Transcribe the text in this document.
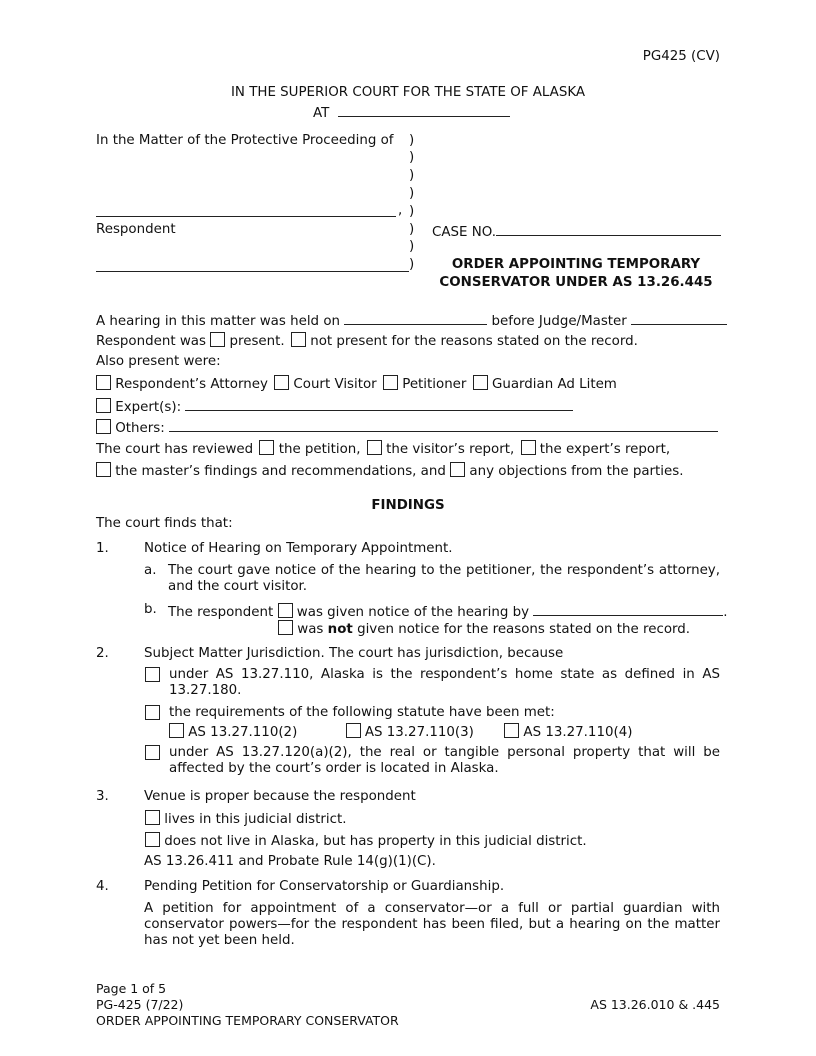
PG425 (CV)
IN THE SUPERIOR COURT FOR THE STATE OF ALASKA
AT
In the Matter of the Protective Proceeding of
,
Respondent
)
)
)
)
)
)
)
)
CASE NO.
ORDER APPOINTING TEMPORARY
CONSERVATOR UNDER AS 13.26.445
A hearing in this matter was held on	before Judge/Master
Respondent was present. not present for the reasons stated on the record.
Also present were:
Respondent’s Attorney Court Visitor Petitioner Guardian Ad Litem
Expert(s):
Others:
The court has reviewed the petition, the visitor’s report, the expert’s report,
the master’s findings and recommendations, and any objections from the parties.
FINDINGS
The court finds that:
1.	Notice of Hearing on Temporary Appointment.
a. The court gave notice of the hearing to the petitioner, the respondent’s attorney, and the court visitor.
b. The respondent was given notice of the hearing by	.
was not given notice for the reasons stated on the record.
2.	Subject Matter Jurisdiction. The court has jurisdiction, because
under AS 13.27.110, Alaska is the respondent’s home state as defined in AS 13.27.180.
the requirements of the following statute have been met:
AS 13.27.110(2)	AS 13.27.110(3)	AS 13.27.110(4)
under AS 13.27.120(a)(2), the real or tangible personal property that will be affected by the court’s order is located in Alaska.
3.	Venue is proper because the respondent
lives in this judicial district.
does not live in Alaska, but has property in this judicial district.
AS 13.26.411 and Probate Rule 14(g)(1)(C).
4.	Pending Petition for Conservatorship or Guardianship.
A petition for appointment of a conservator—or a full or partial guardian with conservator powers—for the respondent has been filed, but a hearing on the matter has not yet been held.
Page 1 of 5
PG-425 (7/22)
ORDER APPOINTING TEMPORARY CONSERVATOR
AS 13.26.010 & .445
